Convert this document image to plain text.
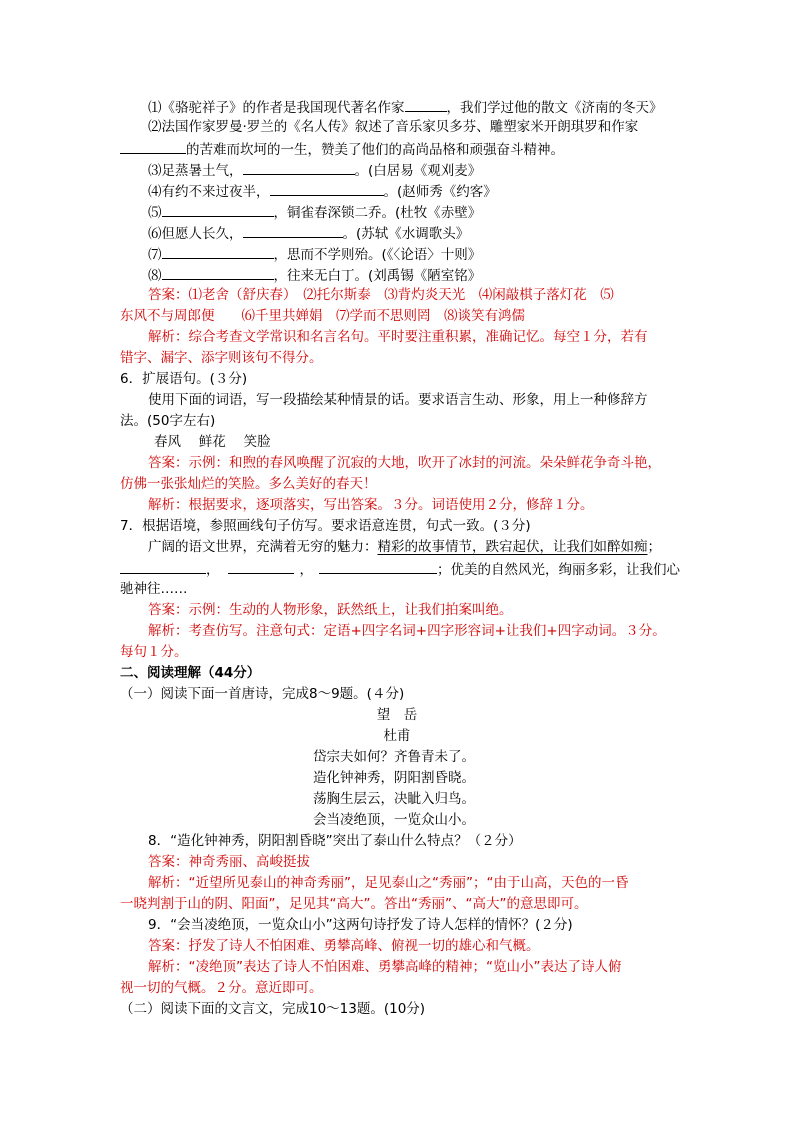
⑴《骆驼祥子》的作者是我国现代著名作家	，我们学过他的散文《济南的冬天》
⑵法国作家罗曼·罗兰的《名人传》叙述了音乐家贝多芬、雕塑家米开朗琪罗和作家
的苦难而坎坷的一生，赞美了他们的高尚品格和顽强奋斗精神。
⑶足蒸暑土气，	。(白居易《观刈麦》
⑷有约不来过夜半，	。(赵师秀《约客》
⑸	，铜雀春深锁二乔。(杜牧《赤壁》
⑹但愿人长久，	。(苏轼《水调歌头》
⑺	，思而不学则殆。(《〈论语〉十则》
⑻	，往来无白丁。(刘禹锡《陋室铭》
答案：⑴老舍（舒庆春）　⑵托尔斯泰　⑶背灼炎天光　⑷闲敲棋子落灯花　⑸
东风不与周郎便　　⑹千里共婵娟　⑺学而不思则罔　⑻谈笑有鸿儒
解析：综合考查文学常识和名言名句。平时要注重积累，准确记忆。每空１分，若有
错字、漏字、添字则该句不得分。
6．扩展语句。(３分)
使用下面的词语，写一段描绘某种情景的话。要求语言生动、形象，用上一种修辞方
法。(50字左右)
春风　 鲜花　 笑脸
答案：示例：和煦的春风唤醒了沉寂的大地，吹开了冰封的河流。朵朵鲜花争奇斗艳，
仿佛一张张灿烂的笑脸。多么美好的春天！
解析：根据要求，逐项落实，写出答案。３分。词语使用２分，修辞１分。
7．根据语境，参照画线句子仿写。要求语意连贯，句式一致。(３分)
广阔的语文世界，充满着无穷的魅力：精彩的故事情节，跌宕起伏，让我们如醉如痴；
，	，	；优美的自然风光，绚丽多彩，让我们心
驰神往……
答案：示例：生动的人物形象，跃然纸上，让我们拍案叫绝。
解析：考查仿写。注意句式：定语+四字名词+四字形容词+让我们+四字动词。３分。
每句１分。
二、阅读理解（44分）
（一）阅读下面一首唐诗，完成8～9题。(４分)
望　岳
杜甫
岱宗夫如何？齐鲁青未了。
造化钟神秀，阴阳割昏晓。
荡胸生层云，决眦入归鸟。
会当凌绝顶，一览众山小。
8．“造化钟神秀，阴阳割昏晓”突出了泰山什么特点？（２分）
答案：神奇秀丽、高峻挺拔
解析：“近望所见泰山的神奇秀丽”，足见泰山之“秀丽”；“由于山高，天色的一昏
一晓判割于山的阴、阳面”，足见其“高大”。答出“秀丽”、“高大”的意思即可。
9．“会当凌绝顶，一览众山小”这两句诗抒发了诗人怎样的情怀？(２分)
答案：抒发了诗人不怕困难、勇攀高峰、俯视一切的雄心和气概。
解析：“凌绝顶”表达了诗人不怕困难、勇攀高峰的精神；“览山小”表达了诗人俯
视一切的气概。２分。意近即可。
（二）阅读下面的文言文，完成10～13题。(10分)
